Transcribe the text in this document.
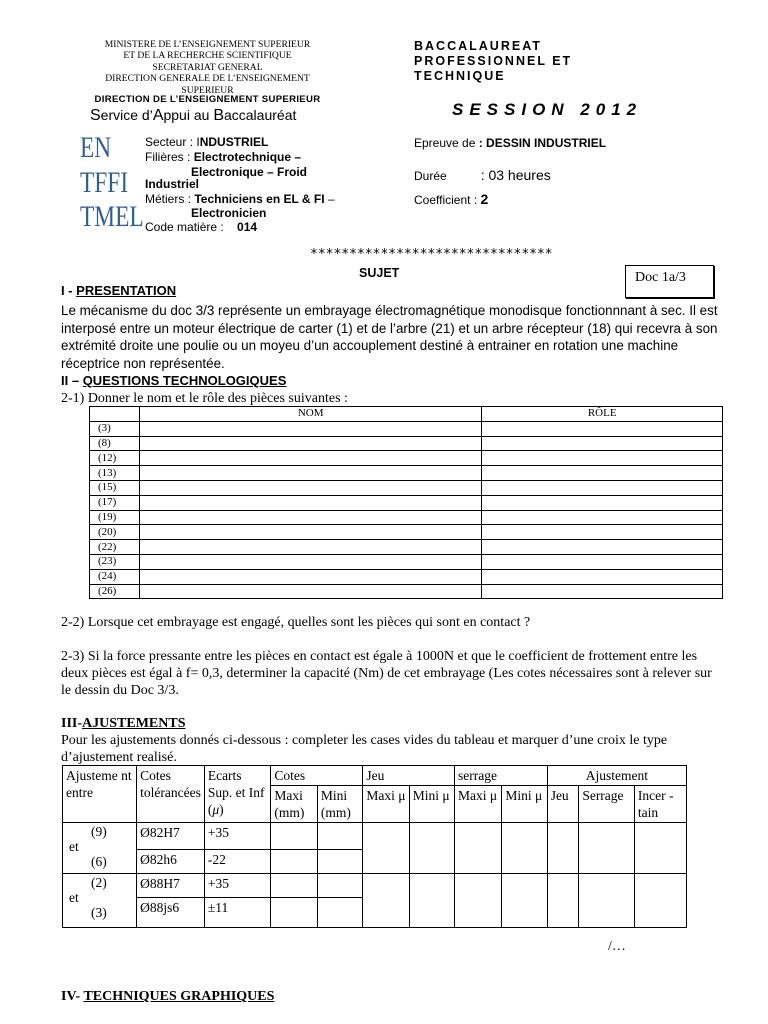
MINISTERE DE L’ENSEIGNEMENT SUPERIEUR
ET DE LA RECHERCHE SCIENTIFIQUE
SECRETARIAT GENERAL
DIRECTION GENERALE DE L’ENSEIGNEMENT
SUPERIEUR
DIRECTION DE L’ENSEIGNEMENT SUPERIEUR
Service d’Appui au Baccalauréat
EN
TFFI
TMEL
Secteur : INDUSTRIEL
Filières : Electrotechnique –
Electronique – Froid
Industriel
Métiers : Techniciens en EL & FI –
Electronicien
Code matière : 014
BACCALAUREAT
PROFESSIONNEL ET
TECHNIQUE
SESSION 2012
Epreuve de : DESSIN INDUSTRIEL
Durée : 03 heures
Coefficient : 2
*******************************
SUJET	Doc 1a/3
I - PRESENTATION
Le mécanisme du doc 3/3 représente un embrayage électromagnétique monodisque fonctionnnant à sec. Il est interposé entre un moteur électrique de carter (1) et de l’arbre (21) et un arbre récepteur (18) qui recevra à son extrémité droite une poulie ou un moyeu d’un accouplement destiné à entrainer en rotation une machine réceptrice non représentée.
II – QUESTIONS TECHNOLOGIQUES
2-1) Donner le nom et le rôle des pièces suivantes :
	NOM	RÔLE
(3)		
(8)		
(12)		
(13)		
(15)		
(17)		
(19)		
(20)		
(22)		
(23)		
(24)		
(26)		
2-2) Lorsque cet embrayage est engagé, quelles sont les pièces qui sont en contact ?
2-3) Si la force pressante entre les pièces en contact est égale à 1000N et que le coefficient de frottement entre les deux pièces est égal à f= 0,3, determiner la capacité (Nm) de cet embrayage (Les cotes nécessaires sont à relever sur le dessin du Doc 3/3.
III-AJUSTEMENTS
Pour les ajustements donnés ci-dessous : completer les cases vides du tableau et marquer d’une croix le type d’ajustement realisé.
Ajusteme nt entre	Cotes tolérancées	Ecarts Sup. et Inf (μ)	Cotes		Jeu		serrage		Ajustement		
			Maxi (mm)	Mini (mm)	Maxi μ	Mini μ	Maxi μ	Mini μ	Jeu	Serrage	Incer -tain

(9)
et
(6)	Ø82H7	+35									
	Ø82h6	-22									

(2)
et
(3)	Ø88H7	+35									
	Ø88js6	±11									
/…
IV- TECHNIQUES GRAPHIQUES
